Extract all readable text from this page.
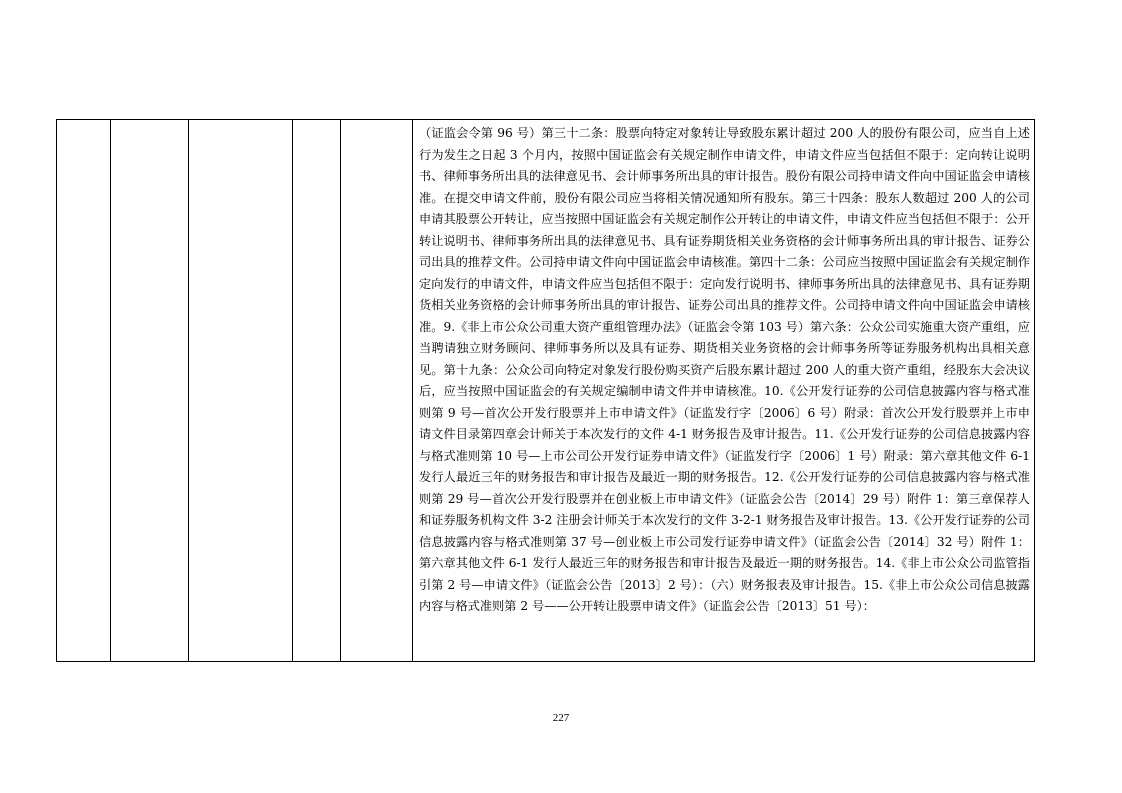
（证监会令第 96 号）第三十二条：股票向特定对象转让导致股东累计超过 200 人的股份有限公司，应当自上述行为发生之日起 3 个月内，按照中国证监会有关规定制作申请文件，申请文件应当包括但不限于：定向转让说明书、律师事务所出具的法律意见书、会计师事务所出具的审计报告。股份有限公司持申请文件向中国证监会申请核准。在提交申请文件前，股份有限公司应当将相关情况通知所有股东。第三十四条：股东人数超过 200 人的公司申请其股票公开转让，应当按照中国证监会有关规定制作公开转让的申请文件，申请文件应当包括但不限于：公开转让说明书、律师事务所出具的法律意见书、具有证券期货相关业务资格的会计师事务所出具的审计报告、证券公司出具的推荐文件。公司持申请文件向中国证监会申请核准。第四十二条：公司应当按照中国证监会有关规定制作定向发行的申请文件，申请文件应当包括但不限于：定向发行说明书、律师事务所出具的法律意见书、具有证券期货相关业务资格的会计师事务所出具的审计报告、证券公司出具的推荐文件。公司持申请文件向中国证监会申请核准。9.《非上市公众公司重大资产重组管理办法》（证监会令第 103 号）第六条：公众公司实施重大资产重组，应当聘请独立财务顾问、律师事务所以及具有证券、期货相关业务资格的会计师事务所等证券服务机构出具相关意见。第十九条：公众公司向特定对象发行股份购买资产后股东累计超过 200 人的重大资产重组，经股东大会决议后，应当按照中国证监会的有关规定编制申请文件并申请核准。10.《公开发行证券的公司信息披露内容与格式准则第 9 号—首次公开发行股票并上市申请文件》（证监发行字〔2006〕6 号）附录：首次公开发行股票并上市申请文件目录第四章会计师关于本次发行的文件 4-1 财务报告及审计报告。11.《公开发行证券的公司信息披露内容与格式准则第 10 号—上市公司公开发行证券申请文件》（证监发行字〔2006〕1 号）附录：第六章其他文件 6-1 发行人最近三年的财务报告和审计报告及最近一期的财务报告。12.《公开发行证券的公司信息披露内容与格式准则第 29 号—首次公开发行股票并在创业板上市申请文件》（证监会公告〔2014〕29 号）附件 1：第三章保荐人和证券服务机构文件 3-2 注册会计师关于本次发行的文件 3-2-1 财务报告及审计报告。13.《公开发行证券的公司信息披露内容与格式准则第 37 号—创业板上市公司发行证券申请文件》（证监会公告〔2014〕32 号）附件 1：第六章其他文件 6-1 发行人最近三年的财务报告和审计报告及最近一期的财务报告。14.《非上市公众公司监管指引第 2 号—申请文件》（证监会公告〔2013〕2 号）：（六）财务报表及审计报告。15.《非上市公众公司信息披露内容与格式准则第 2 号——公开转让股票申请文件》（证监会公告〔2013〕51 号）：

227
